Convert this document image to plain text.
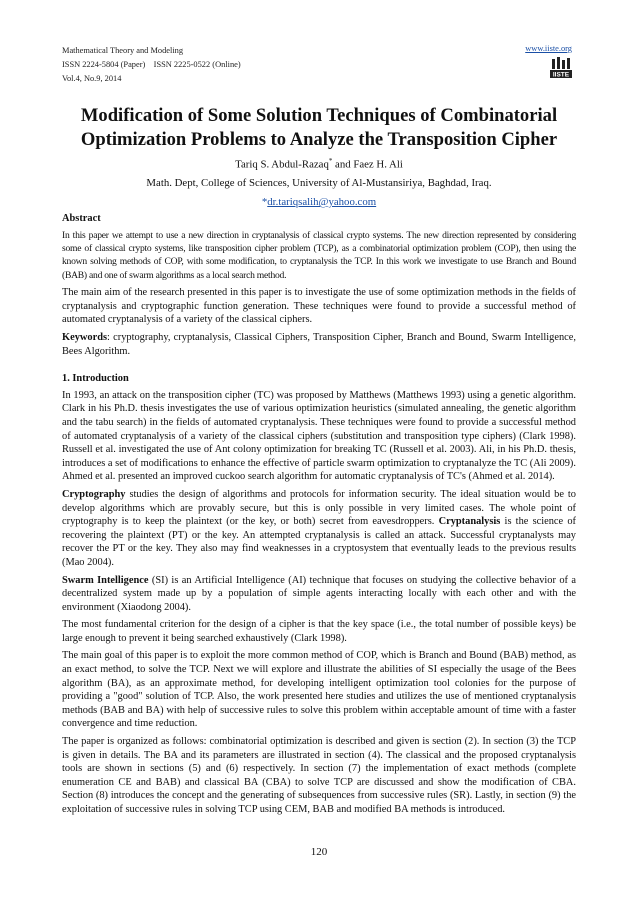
Mathematical Theory and Modeling
ISSN 2224-5804 (Paper)    ISSN 2225-0522 (Online)
Vol.4, No.9, 2014
www.iiste.org
IISTE
Modification of Some Solution Techniques of Combinatorial Optimization Problems to Analyze the Transposition Cipher
Tariq S. Abdul-Razaq* and Faez H. Ali
Math. Dept, College of Sciences, University of Al-Mustansiriya, Baghdad, Iraq.
*dr.tariqsalih@yahoo.com
Abstract

In this paper we attempt to use a new direction in cryptanalysis of classical crypto systems. The new direction represented by considering some of classical crypto systems, like transposition cipher problem (TCP), as a combinatorial optimization problem (COP), then using the known solving methods of COP, with some modification, to cryptanalysis the TCP. In this work we investigate to use Branch and Bound (BAB) and one of swarm algorithms as a local search method.

The main aim of the research presented in this paper is to investigate the use of some optimization methods in the fields of cryptanalysis and cryptographic function generation. These techniques were found to provide a successful method of automated cryptanalysis of a variety of the classical ciphers.

Keywords: cryptography, cryptanalysis, Classical Ciphers, Transposition Cipher, Branch and Bound, Swarm Intelligence, Bees Algorithm.

1. Introduction

In 1993, an attack on the transposition cipher (TC) was proposed by Matthews (Matthews 1993) using a genetic algorithm. Clark in his Ph.D. thesis investigates the use of various optimization heuristics (simulated annealing, the genetic algorithm and the tabu search) in the fields of automated cryptanalysis. These techniques were found to provide a successful method of automated cryptanalysis of a variety of the classical ciphers (substitution and transposition type ciphers) (Clark 1998). Russell et al. investigated the use of Ant colony optimization for breaking TC (Russell et al. 2003). Ali, in his Ph.D. thesis, introduces a set of modifications to enhance the effective of particle swarm optimization to cryptanalyze the TC (Ali 2009). Ahmed et al. presented an improved cuckoo search algorithm for automatic cryptanalysis of TC's (Ahmed et al. 2014).

Cryptography studies the design of algorithms and protocols for information security. The ideal situation would be to develop algorithms which are provably secure, but this is only possible in very limited cases. The whole point of cryptography is to keep the plaintext (or the key, or both) secret from eavesdroppers. Cryptanalysis is the science of recovering the plaintext (PT) or the key. An attempted cryptanalysis is called an attack. Successful cryptanalysts may recover the PT or the key. They also may find weaknesses in a cryptosystem that eventually leads to the previous results (Mao 2004).

Swarm Intelligence (SI) is an Artificial Intelligence (AI) technique that focuses on studying the collective behavior of a decentralized system made up by a population of simple agents interacting locally with each other and with the environment (Xiaodong 2004).

The most fundamental criterion for the design of a cipher is that the key space (i.e., the total number of possible keys) be large enough to prevent it being searched exhaustively (Clark 1998).

The main goal of this paper is to exploit the more common method of COP, which is Branch and Bound (BAB) method, as an exact method, to solve the TCP. Next we will explore and illustrate the abilities of SI especially the usage of the Bees algorithm (BA), as an approximate method, for developing intelligent optimization tool colonies for the purpose of providing a "good" solution of TCP. Also, the work presented here studies and utilizes the use of mentioned cryptanalysis methods (BAB and BA) with help of successive rules to solve this problem within acceptable amount of time with a faster convergence and time reduction.

The paper is organized as follows: combinatorial optimization is described and given is section (2). In section (3) the TCP is given in details. The BA and its parameters are illustrated in section (4). The classical and the proposed cryptanalysis tools are shown in sections (5) and (6) respectively. In section (7) the implementation of exact methods (complete enumeration CE and BAB) and classical BA (CBA) to solve TCP are discussed and show the modification of CBA. Section (8) introduces the concept and the generating of subsequences from successive rules (SR). Lastly, in section (9) the exploitation of successive rules in solving TCP using CEM, BAB and modified BA methods is introduced.

120
